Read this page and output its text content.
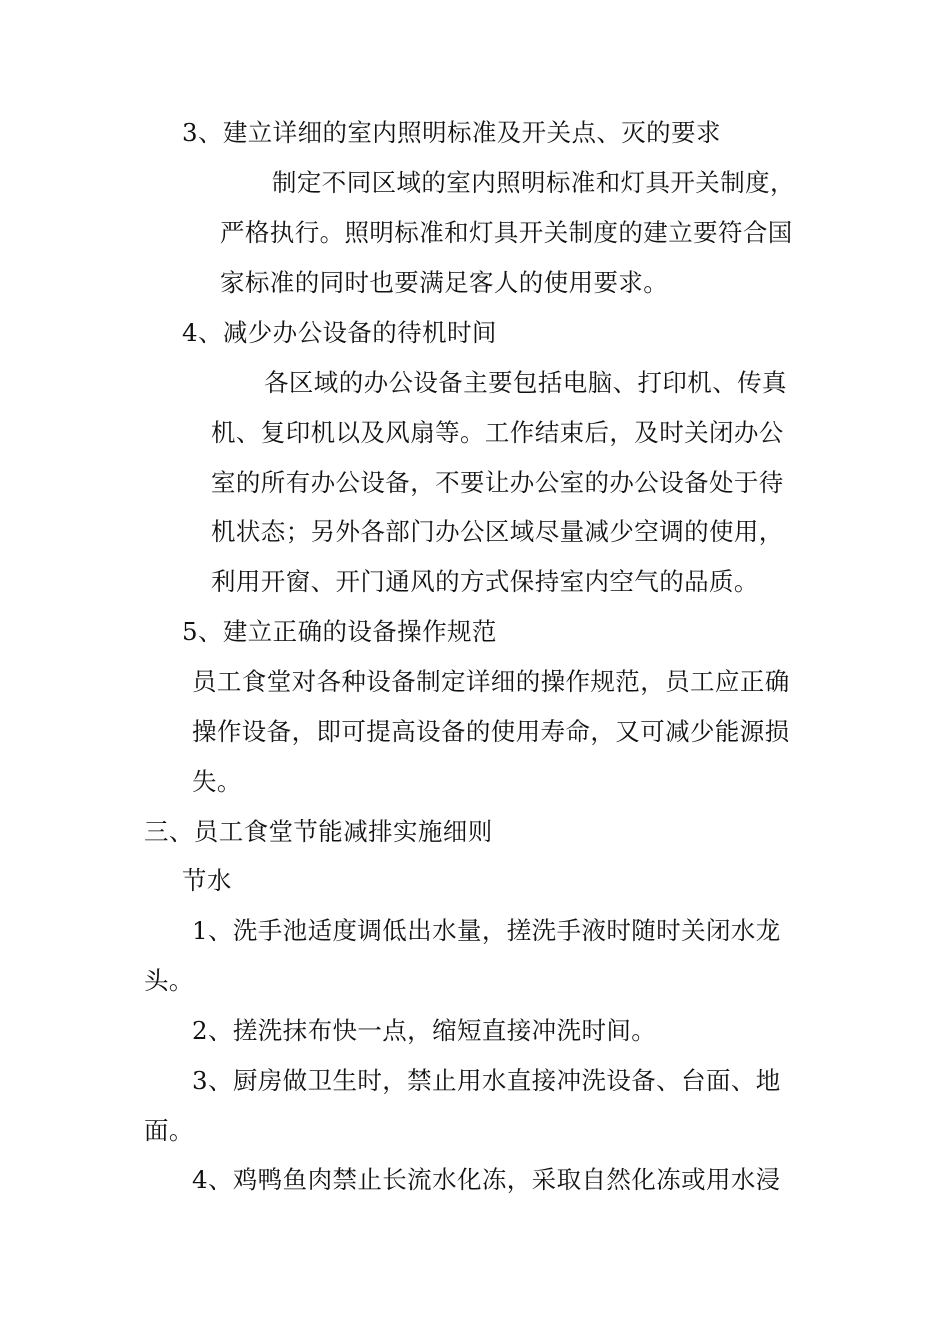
3、建立详细的室内照明标准及开关点、灭的要求
制定不同区域的室内照明标准和灯具开关制度，
严格执行。照明标准和灯具开关制度的建立要符合国
家标准的同时也要满足客人的使用要求。
4、减少办公设备的待机时间
各区域的办公设备主要包括电脑、打印机、传真
机、复印机以及风扇等。工作结束后，及时关闭办公
室的所有办公设备，不要让办公室的办公设备处于待
机状态；另外各部门办公区域尽量减少空调的使用，
利用开窗、开门通风的方式保持室内空气的品质。
5、建立正确的设备操作规范
员工食堂对各种设备制定详细的操作规范，员工应正确
操作设备，即可提高设备的使用寿命，又可减少能源损
失。
三、员工食堂节能减排实施细则
节水
1、洗手池适度调低出水量，搓洗手液时随时关闭水龙
头。
2、搓洗抹布快一点，缩短直接冲洗时间。
3、厨房做卫生时，禁止用水直接冲洗设备、台面、地
面。
4、鸡鸭鱼肉禁止长流水化冻，采取自然化冻或用水浸
